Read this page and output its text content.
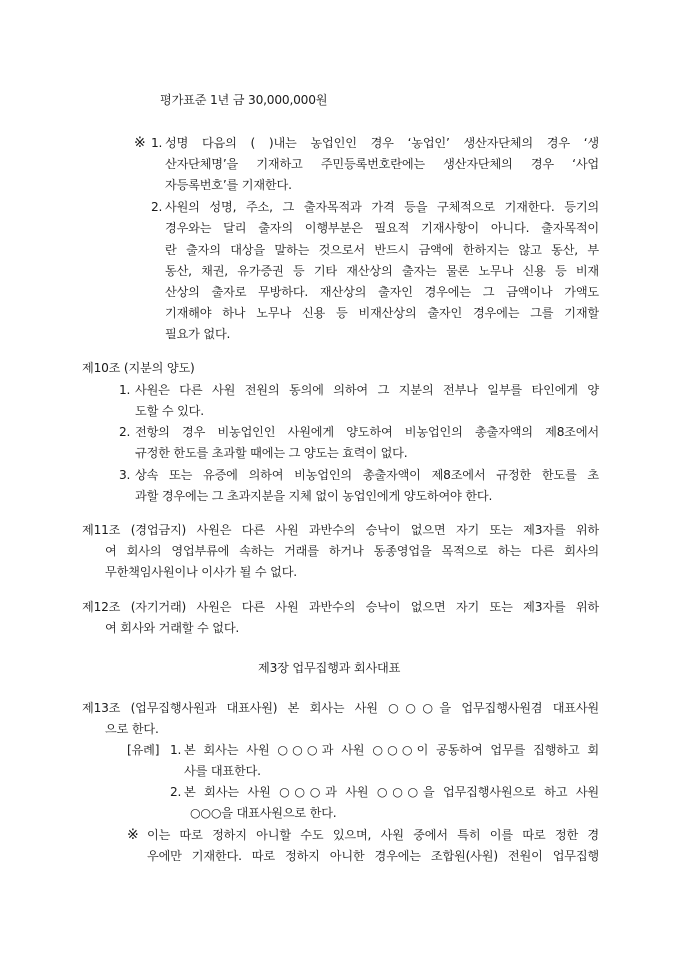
평가표준 1년 금 30,000,000원
※ 1. 성명 다음의 ( )내는 농업인인 경우 ‘농업인’ 생산자단체의 경우 ‘생
산자단체명’을 기재하고 주민등록번호란에는 생산자단체의 경우 ‘사업
자등록번호’를 기재한다.
2. 사원의 성명, 주소, 그 출자목적과 가격 등을 구체적으로 기재한다. 등기의
경우와는 달리 출자의 이행부분은 필요적 기재사항이 아니다. 출자목적이
란 출자의 대상을 말하는 것으로서 반드시 금액에 한하지는 않고 동산, 부
동산, 채권, 유가증권 등 기타 재산상의 출자는 물론 노무나 신용 등 비재
산상의 출자로 무방하다. 재산상의 출자인 경우에는 그 금액이나 가액도
기재해야 하나 노무나 신용 등 비재산상의 출자인 경우에는 그를 기재할
필요가 없다.
제10조 (지분의 양도)
1. 사원은 다른 사원 전원의 동의에 의하여 그 지분의 전부나 일부를 타인에게 양
도할 수 있다.
2. 전항의 경우 비농업인인 사원에게 양도하여 비농업인의 총출자액의 제8조에서
규정한 한도를 초과할 때에는 그 양도는 효력이 없다.
3. 상속 또는 유증에 의하여 비농업인의 총출자액이 제8조에서 규정한 한도를 초
과할 경우에는 그 초과지분을 지체 없이 농업인에게 양도하여야 한다.
제11조 (경업금지) 사원은 다른 사원 과반수의 승낙이 없으면 자기 또는 제3자를 위하
여 회사의 영업부류에 속하는 거래를 하거나 동종영업을 목적으로 하는 다른 회사의
무한책임사원이나 이사가 될 수 없다.
제12조 (자기거래) 사원은 다른 사원 과반수의 승낙이 없으면 자기 또는 제3자를 위하
여 회사와 거래할 수 없다.
제3장 업무집행과 회사대표
제13조 (업무집행사원과 대표사원) 본 회사는 사원 ○○○을 업무집행사원겸 대표사원
으로 한다.
[유례] 1. 본 회사는 사원 ○○○과 사원 ○○○이 공동하여 업무를 집행하고 회
사를 대표한다.
2. 본 회사는 사원 ○○○과 사원 ○○○을 업무집행사원으로 하고 사원
○○○을 대표사원으로 한다.
※ 이는 따로 정하지 아니할 수도 있으며, 사원 중에서 특히 이를 따로 정한 경
우에만 기재한다. 따로 정하지 아니한 경우에는 조합원(사원) 전원이 업무집행
